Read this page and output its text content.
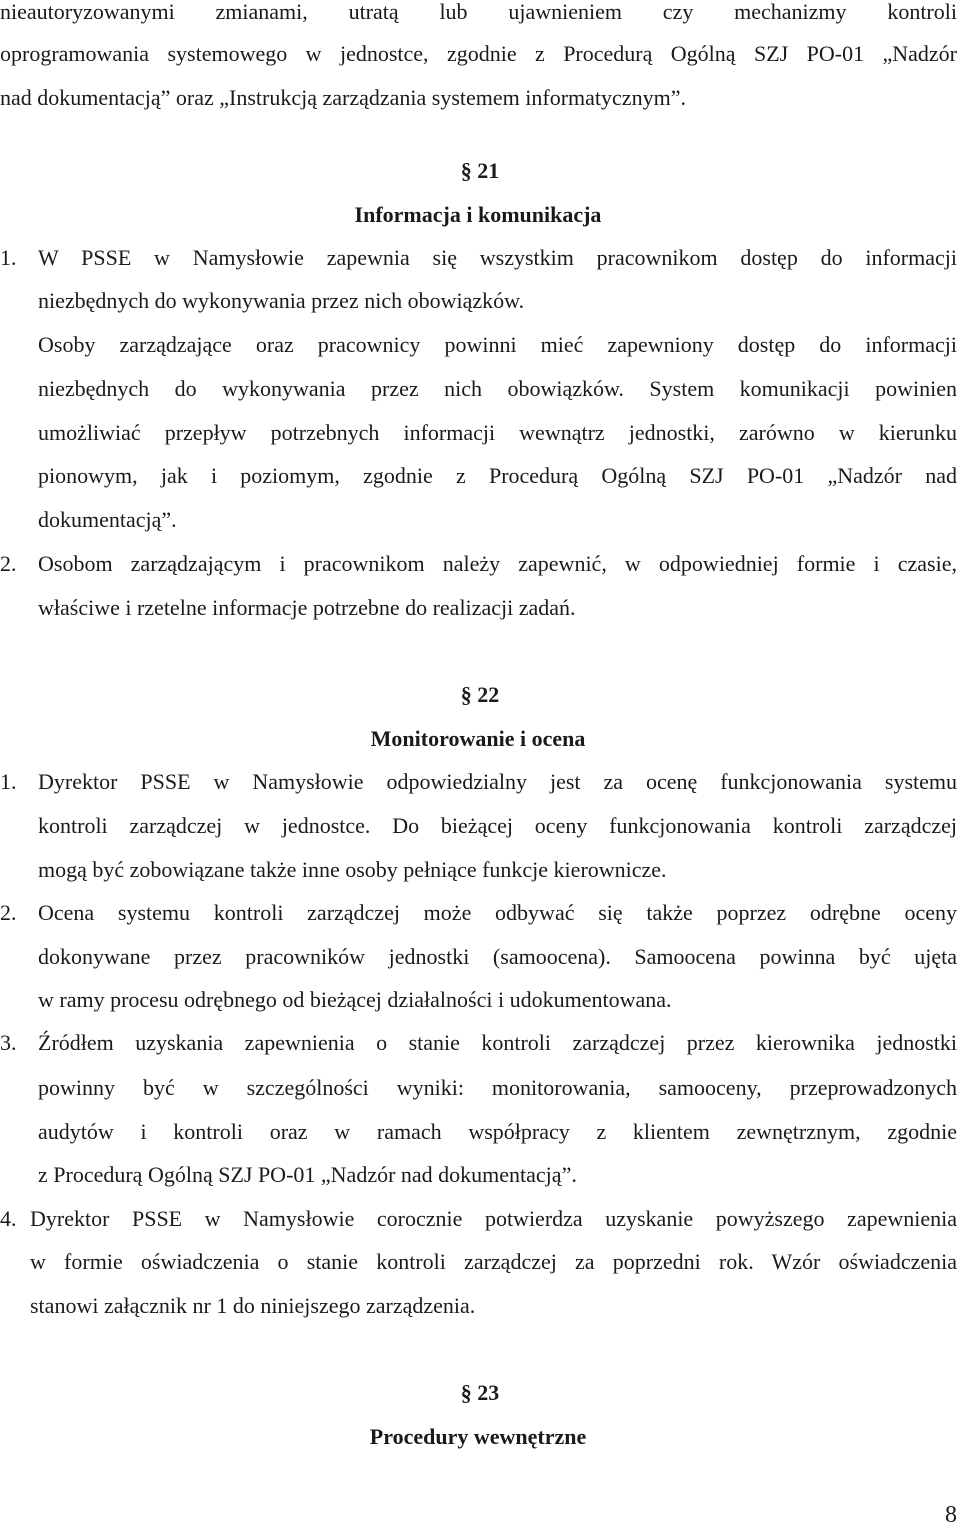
nieautoryzowanymi zmianami, utratą lub ujawnieniem czy mechanizmy kontroli
oprogramowania systemowego w jednostce, zgodnie z Procedurą Ogólną SZJ PO-01 „Nadzór
nad dokumentacją” oraz „Instrukcją zarządzania systemem informatycznym”.
§ 21
Informacja i komunikacja
1. W PSSE w Namysłowie zapewnia się wszystkim pracownikom dostęp do informacji
niezbędnych do wykonywania przez nich obowiązków.
Osoby zarządzające oraz pracownicy powinni mieć zapewniony dostęp do informacji
niezbędnych do wykonywania przez nich obowiązków. System komunikacji powinien
umożliwiać przepływ potrzebnych informacji wewnątrz jednostki, zarówno w kierunku
pionowym, jak i poziomym, zgodnie z Procedurą Ogólną SZJ PO-01 „Nadzór nad
dokumentacją”.
2. Osobom zarządzającym i pracownikom należy zapewnić, w odpowiedniej formie i czasie,
właściwe i rzetelne informacje potrzebne do realizacji zadań.
§ 22
Monitorowanie i ocena
1. Dyrektor PSSE w Namysłowie odpowiedzialny jest za ocenę funkcjonowania systemu
kontroli zarządczej w jednostce. Do bieżącej oceny funkcjonowania kontroli zarządczej
mogą być zobowiązane także inne osoby pełniące funkcje kierownicze.
2. Ocena systemu kontroli zarządczej może odbywać się także poprzez odrębne oceny
dokonywane przez pracowników jednostki (samoocena). Samoocena powinna być ujęta
w ramy procesu odrębnego od bieżącej działalności i udokumentowana.
3. Źródłem uzyskania zapewnienia o stanie kontroli zarządczej przez kierownika jednostki
powinny być w szczególności wyniki: monitorowania, samooceny, przeprowadzonych
audytów i kontroli oraz w ramach współpracy z klientem zewnętrznym, zgodnie
z Procedurą Ogólną SZJ PO-01 „Nadzór nad dokumentacją”.
4. Dyrektor PSSE w Namysłowie corocznie potwierdza uzyskanie powyższego zapewnienia
w formie oświadczenia o stanie kontroli zarządczej za poprzedni rok. Wzór oświadczenia
stanowi załącznik nr 1 do niniejszego zarządzenia.
§ 23
Procedury wewnętrzne
8
